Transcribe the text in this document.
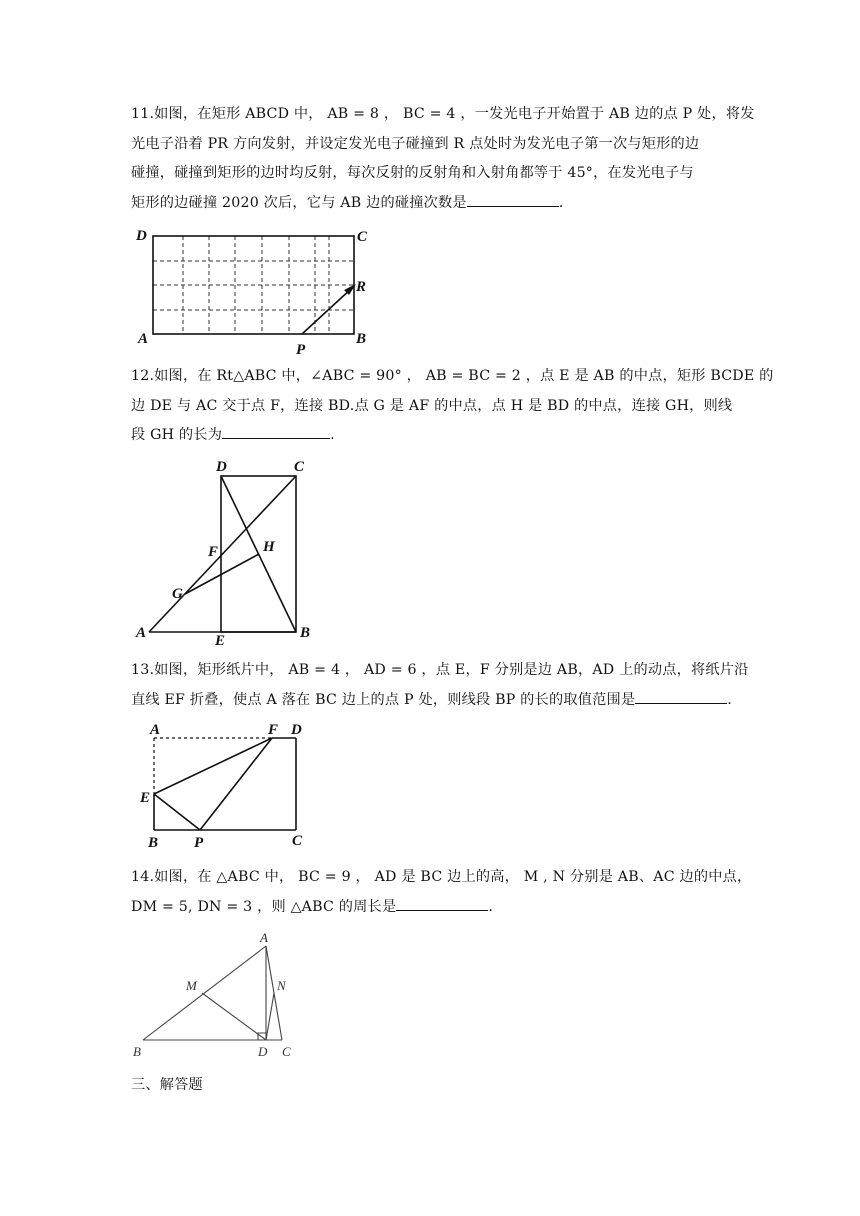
11.如图，在矩形 ABCD 中， AB = 8 ， BC = 4 ，一发光电子开始置于 AB 边的点 P 处，将发
光电子沿着 PR 方向发射，并设定发光电子碰撞到 R 点处时为发光电子第一次与矩形的边
碰撞，碰撞到矩形的边时均反射，每次反射的反射角和入射角都等于 45°，在发光电子与
矩形的边碰撞 2020 次后，它与 AB 边的碰撞次数是	.
D	C
R
A	B
P
12.如图，在 Rt△ABC 中，∠ABC = 90° ， AB = BC = 2 ，点 E 是 AB 的中点，矩形 BCDE 的
边 DE 与 AC 交于点 F，连接 BD.点 G 是 AF 的中点，点 H 是 BD 的中点，连接 GH，则线
段 GH 的长为	.
D	C
F	H
G
A	E	B
13.如图，矩形纸片中， AB = 4 ， AD = 6 ，点 E，F 分别是边 AB，AD 上的动点，将纸片沿
直线 EF 折叠，使点 A 落在 BC 边上的点 P 处，则线段 BP 的长的取值范围是	.
A	F D
E
B P	C
14.如图，在 △ABC 中， BC = 9 ， AD 是 BC 边上的高， M , N 分别是 AB、AC 边的中点，
DM = 5, DN = 3 ，则 △ABC 的周长是	.
A
M	N
B	D C
三、解答题
